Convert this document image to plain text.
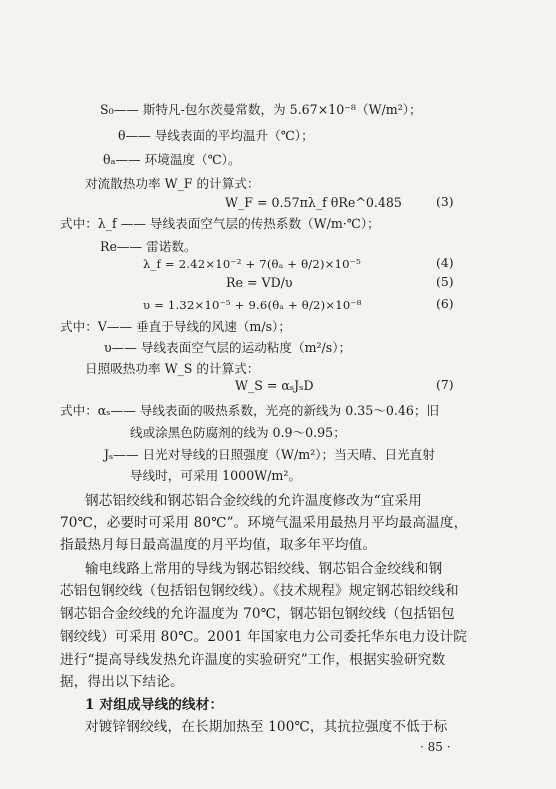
S₀—— 斯特凡-包尔茨曼常数，为 5.67×10⁻⁸（W/m²）；
θ—— 导线表面的平均温升（℃）；
θₐ—— 环境温度（℃）。
对流散热功率 W_F 的计算式：
W_F = 0.57πλ_f θRe^0.485	(3)
式中：λ_f —— 导线表面空气层的传热系数（W/m·℃）；
Re—— 雷诺数。
λ_f = 2.42×10⁻² + 7(θₐ + θ/2)×10⁻⁵	(4)
Re = VD/υ	(5)
υ = 1.32×10⁻⁵ + 9.6(θₐ + θ/2)×10⁻⁸	(6)
式中：V—— 垂直于导线的风速（m/s）；
υ—— 导线表面空气层的运动粘度（m²/s）；
日照吸热功率 W_S 的计算式：
W_S = αₛJₛD	(7)
式中：αₛ—— 导线表面的吸热系数，光亮的新线为 0.35～0.46；旧
线或涂黑色防腐剂的线为 0.9～0.95；
Jₛ—— 日光对导线的日照强度（W/m²）；当天晴、日光直射
导线时，可采用 1000W/m²。
钢芯铝绞线和钢芯铝合金绞线的允许温度修改为“宜采用
70℃，必要时可采用 80℃”。环境气温采用最热月平均最高温度，
指最热月每日最高温度的月平均值，取多年平均值。
输电线路上常用的导线为钢芯铝绞线、钢芯铝合金绞线和钢
芯铝包钢绞线（包括铝包钢绞线）。《技术规程》规定钢芯铝绞线和
钢芯铝合金绞线的允许温度为 70℃，钢芯铝包钢绞线（包括铝包
钢绞线）可采用 80℃。2001 年国家电力公司委托华东电力设计院
进行“提高导线发热允许温度的实验研究”工作，根据实验研究数
据，得出以下结论。
1 对组成导线的线材：
对镀锌钢绞线，在长期加热至 100℃，其抗拉强度不低于标
· 85 ·
